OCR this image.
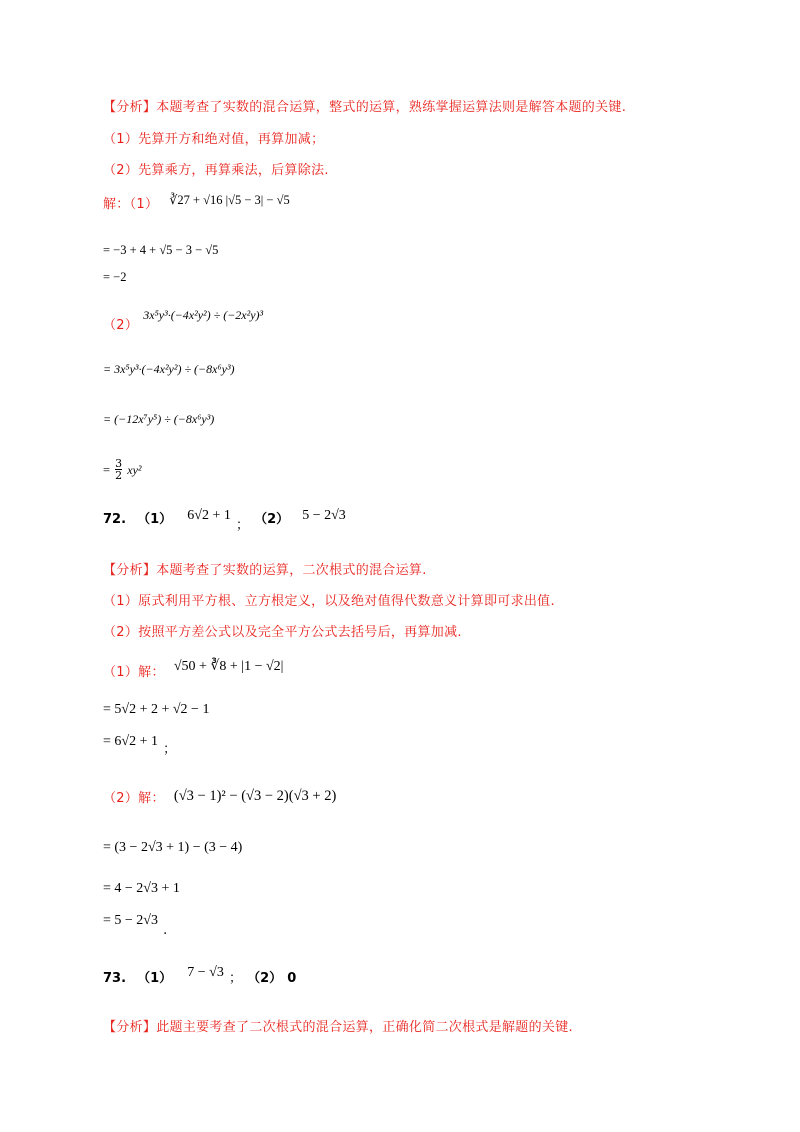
【分析】本题考查了实数的混合运算，整式的运算，熟练掌握运算法则是解答本题的关键.
（1）先算开方和绝对值，再算加减；
（2）先算乘方，再算乘法，后算除法.
解：（1） $^{∛27 + √16 |√5 - 3| - √5}$
= −3 + 4 + √5 − 3 − √5
= −2
$_{(2)}$ 3x⁵y³·(−4x²y²) ÷ (−2x²y)³
= 3x⁵y³·(−4x²y²) ÷ (−8x⁶y³)
= (−12x⁷y⁵) ÷ (−8x⁶y³)
= $\frac{3}{2} xy^2$
72. （1） 6√2 + 1 $_;$ （2） 5 − 2√3
【分析】本题考查了实数的运算，二次根式的混合运算.
（1）原式利用平方根、立方根定义，以及绝对值得代数意义计算即可求出值.
（2）按照平方差公式以及完全平方公式去括号后，再算加减.
$_{(1)解:}$ √50 + ∛8 + |1 − √2|
= 5√2 + 2 + √2 − 1
= 6√2 + 1 $_;$
（2）解： (√3 − 1)² − (√3 − 2)(√3 + 2)
= (3 − 2√3 + 1) − (3 − 4)
= 4 − 2√3 + 1
= 5 − 2√3 $_.$
73. （1） 7 − √3 ； （2） 0
【分析】此题主要考查了二次根式的混合运算，正确化简二次根式是解题的关键.
